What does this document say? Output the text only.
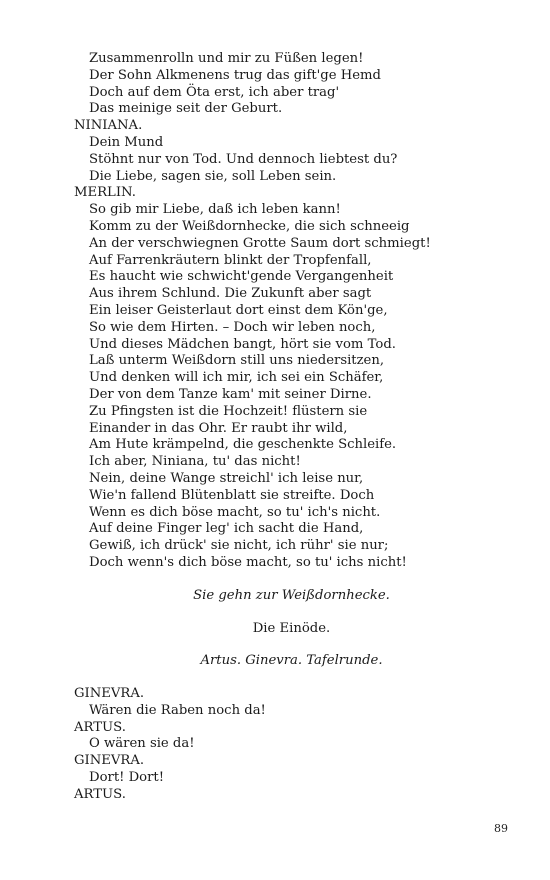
Zusammenrolln und mir zu Füßen legen!
Der Sohn Alkmenens trug das gift'ge Hemd
Doch auf dem Öta erst, ich aber trag'
Das meinige seit der Geburt.
NINIANA.
Dein Mund
Stöhnt nur von Tod. Und dennoch liebtest du?
Die Liebe, sagen sie, soll Leben sein.
MERLIN.
So gib mir Liebe, daß ich leben kann!
Komm zu der Weißdornhecke, die sich schneeig
An der verschwiegnen Grotte Saum dort schmiegt!
Auf Farrenkräutern blinkt der Tropfenfall,
Es haucht wie schwicht'gende Vergangenheit
Aus ihrem Schlund. Die Zukunft aber sagt
Ein leiser Geisterlaut dort einst dem Kön'ge,
So wie dem Hirten. – Doch wir leben noch,
Und dieses Mädchen bangt, hört sie vom Tod.
Laß unterm Weißdorn still uns niedersitzen,
Und denken will ich mir, ich sei ein Schäfer,
Der von dem Tanze kam' mit seiner Dirne.
Zu Pfingsten ist die Hochzeit! flüstern sie
Einander in das Ohr. Er raubt ihr wild,
Am Hute krämpelnd, die geschenkte Schleife.
Ich aber, Niniana, tu' das nicht!
Nein, deine Wange streichl' ich leise nur,
Wie'n fallend Blütenblatt sie streifte. Doch
Wenn es dich böse macht, so tu' ich's nicht.
Auf deine Finger leg' ich sacht die Hand,
Gewiß, ich drück' sie nicht, ich rühr' sie nur;
Doch wenn's dich böse macht, so tu' ichs nicht!
Sie gehn zur Weißdornhecke.
Die Einöde.
Artus. Ginevra. Tafelrunde.
GINEVRA.
Wären die Raben noch da!
ARTUS.
O wären sie da!
GINEVRA.
Dort! Dort!
ARTUS.
89
